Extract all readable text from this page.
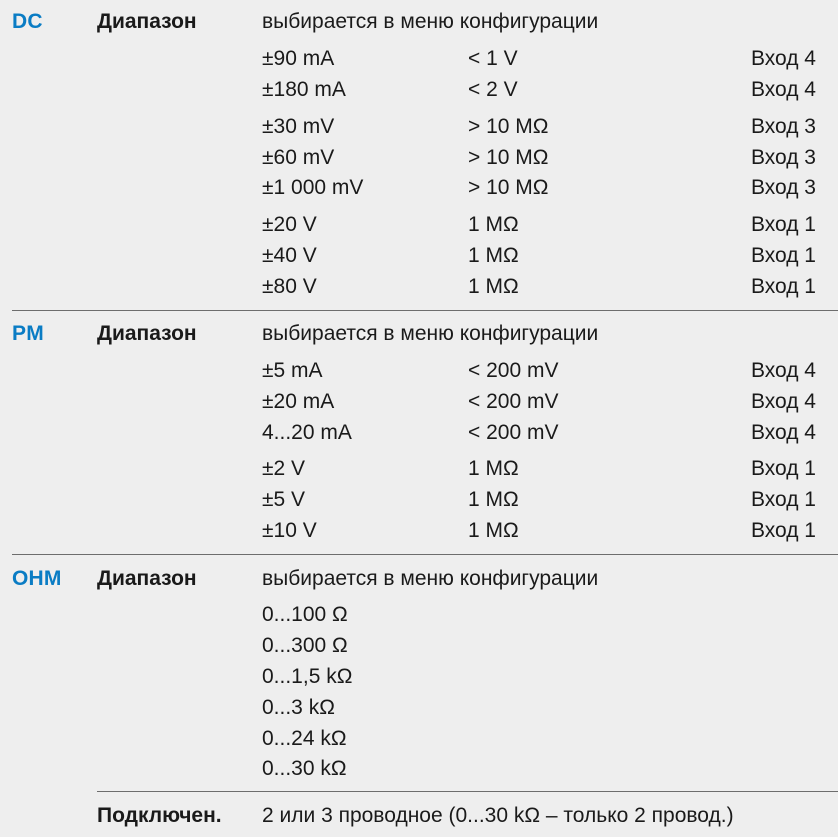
DC	Диапазон	выбирается в меню конфигурации
±90 mA	< 1 V	Вход 4
±180 mA	< 2 V	Вход 4
±30 mV	> 10 MΩ	Вход 3
±60 mV	> 10 MΩ	Вход 3
±1 000 mV	> 10 MΩ	Вход 3
±20 V	1 MΩ	Вход 1
±40 V	1 MΩ	Вход 1
±80 V	1 MΩ	Вход 1
PM	Диапазон	выбирается в меню конфигурации
±5 mA	< 200 mV	Вход 4
±20 mA	< 200 mV	Вход 4
4...20 mA	< 200 mV	Вход 4
±2 V	1 MΩ	Вход 1
±5 V	1 MΩ	Вход 1
±10 V	1 MΩ	Вход 1
OHM Диапазон	выбирается в меню конфигурации
0...100 Ω
0...300 Ω
0...1,5 kΩ
0...3 kΩ
0...24 kΩ
0...30 kΩ
Подключен. 2 или 3 проводное (0...30 kΩ – только 2 провод.)
